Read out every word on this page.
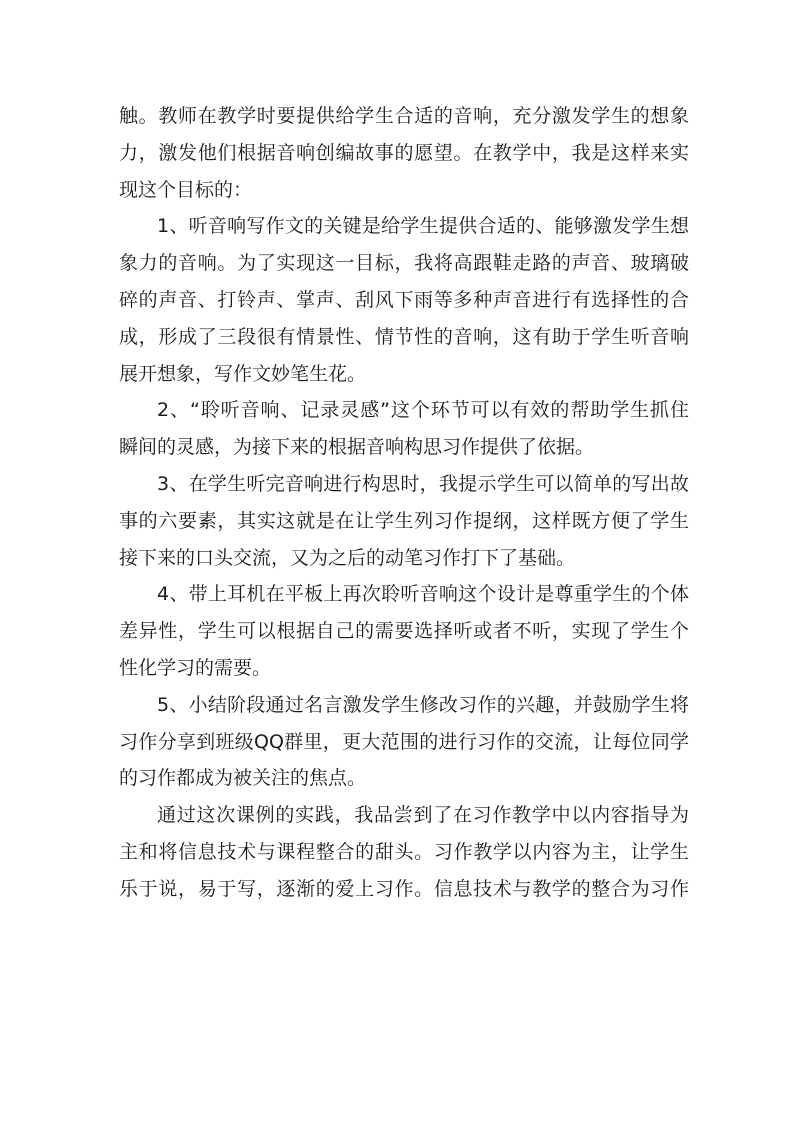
触。教师在教学时要提供给学生合适的音响，充分激发学生的想象
力，激发他们根据音响创编故事的愿望。在教学中，我是这样来实
现这个目标的：
1、听音响写作文的关键是给学生提供合适的、能够激发学生想
象力的音响。为了实现这一目标，我将高跟鞋走路的声音、玻璃破
碎的声音、打铃声、掌声、刮风下雨等多种声音进行有选择性的合
成，形成了三段很有情景性、情节性的音响，这有助于学生听音响
展开想象，写作文妙笔生花。
2、“聆听音响、记录灵感”这个环节可以有效的帮助学生抓住
瞬间的灵感，为接下来的根据音响构思习作提供了依据。
3、在学生听完音响进行构思时，我提示学生可以简单的写出故
事的六要素，其实这就是在让学生列习作提纲，这样既方便了学生
接下来的口头交流，又为之后的动笔习作打下了基础。
4、带上耳机在平板上再次聆听音响这个设计是尊重学生的个体
差异性，学生可以根据自己的需要选择听或者不听，实现了学生个
性化学习的需要。
5、小结阶段通过名言激发学生修改习作的兴趣，并鼓励学生将
习作分享到班级QQ群里，更大范围的进行习作的交流，让每位同学
的习作都成为被关注的焦点。
通过这次课例的实践，我品尝到了在习作教学中以内容指导为
主和将信息技术与课程整合的甜头。习作教学以内容为主，让学生
乐于说，易于写，逐渐的爱上习作。信息技术与教学的整合为习作
